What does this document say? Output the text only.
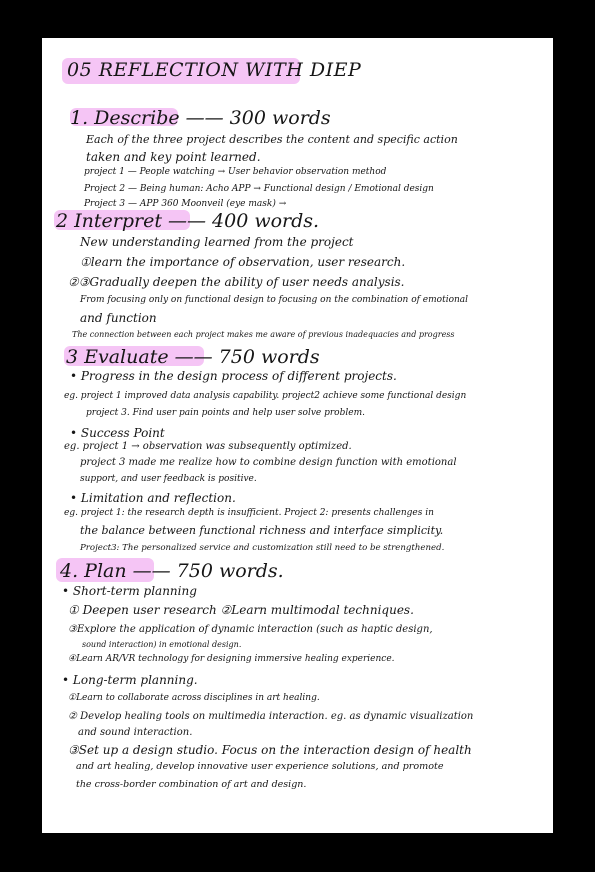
05 REFLECTION WITH DIEP
1. Describe —— 300 words
Each of the three project describes the content and specific action
taken and key point learned.
project 1 — People watching → User behavior observation method
Project 2 — Being human: Acho APP → Functional design / Emotional design
Project 3 — APP 360 Moonveil (eye mask) →
2 Interpret —— 400 words.
New understanding learned from the project
①learn the importance of observation, user research.
②③Gradually deepen the ability of user needs analysis.
From focusing only on functional design to focusing on the combination of emotional
and function
The connection between each project makes me aware of previous inadequacies and progress
3 Evaluate —— 750 words
• Progress in the design process of different projects.
eg. project 1 improved data analysis capability. project2 achieve some functional design
project 3. Find user pain points and help user solve problem.
• Success Point
eg. project 1 → observation was subsequently optimized.
project 3 made me realize how to combine design function with emotional
support, and user feedback is positive.
• Limitation and reflection.
eg. project 1: the research depth is insufficient. Project 2: presents challenges in
the balance between functional richness and interface simplicity.
Project3: The personalized service and customization still need to be strengthened.
4. Plan —— 750 words.
• Short-term planning
① Deepen user research ②Learn multimodal techniques.
③Explore the application of dynamic interaction (such as haptic design,
sound interaction) in emotional design.
④Learn AR/VR technology for designing immersive healing experience.
• Long-term planning.
①Learn to collaborate across disciplines in art healing.
② Develop healing tools on multimedia interaction. eg. as dynamic visualization
and sound interaction.
③Set up a design studio. Focus on the interaction design of health
and art healing, develop innovative user experience solutions, and promote
the cross-border combination of art and design.
